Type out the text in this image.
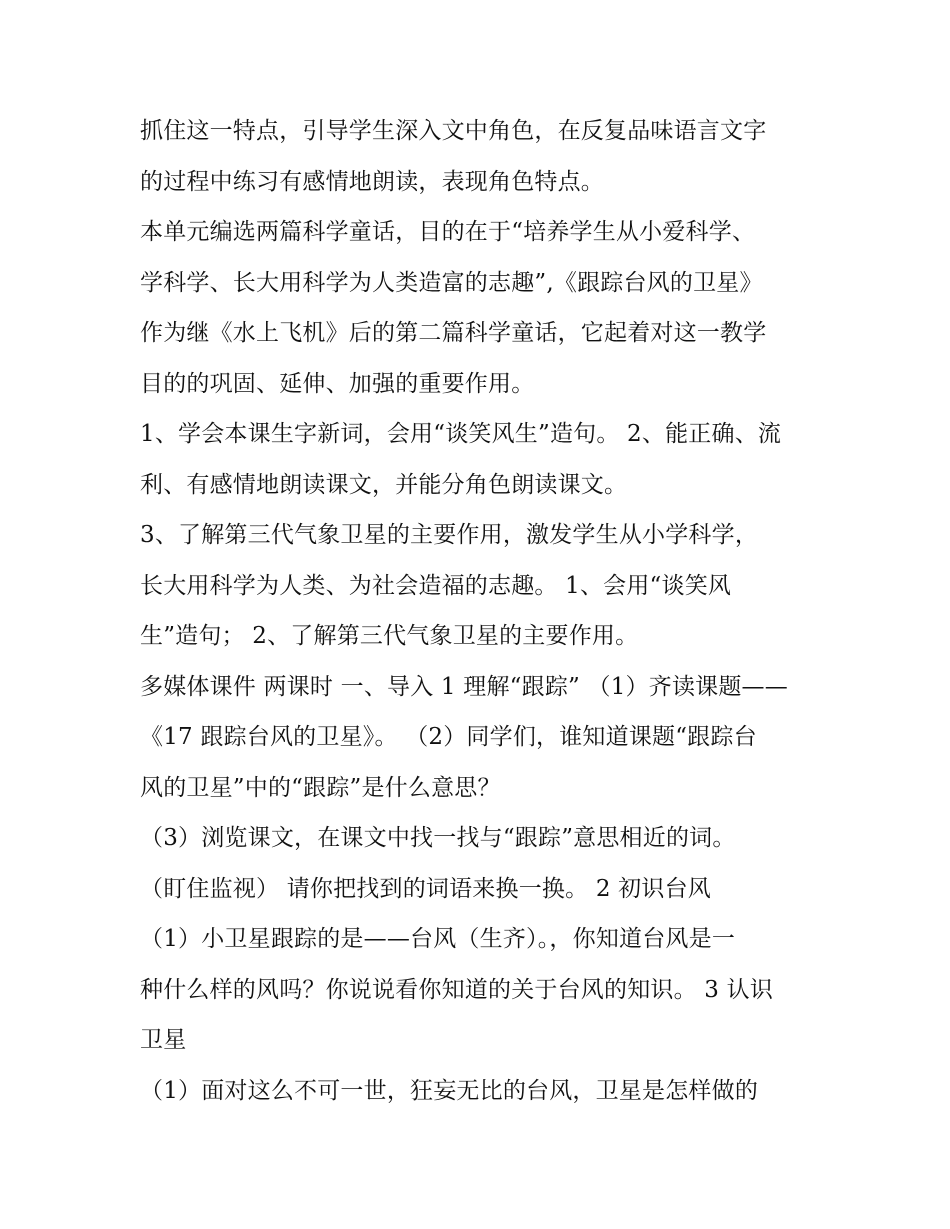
抓住这一特点，引导学生深入文中角色，在反复品味语言文字
的过程中练习有感情地朗读，表现角色特点。
本单元编选两篇科学童话，目的在于“培养学生从小爱科学、
学科学、长大用科学为人类造富的志趣”,《跟踪台风的卫星》
作为继《水上飞机》后的第二篇科学童话，它起着对这一教学
目的的巩固、延伸、加强的重要作用。
1、学会本课生字新词，会用“谈笑风生”造句。 2、能正确、流
利、有感情地朗读课文，并能分角色朗读课文。
3、了解第三代气象卫星的主要作用，激发学生从小学科学，
长大用科学为人类、为社会造福的志趣。 1、会用“谈笑风
生”造句； 2、了解第三代气象卫星的主要作用。
多媒体课件 两课时 一、导入 1 理解“跟踪” （1）齐读课题——
《17 跟踪台风的卫星》。 （2）同学们，谁知道课题“跟踪台
风的卫星”中的“跟踪”是什么意思？
（3）浏览课文，在课文中找一找与“跟踪”意思相近的词。
（盯住监视） 请你把找到的词语来换一换。 2 初识台风
（1）小卫星跟踪的是——台风（生齐）。，你知道台风是一
种什么样的风吗？你说说看你知道的关于台风的知识。 3 认识
卫星
（1）面对这么不可一世，狂妄无比的台风，卫星是怎样做的
